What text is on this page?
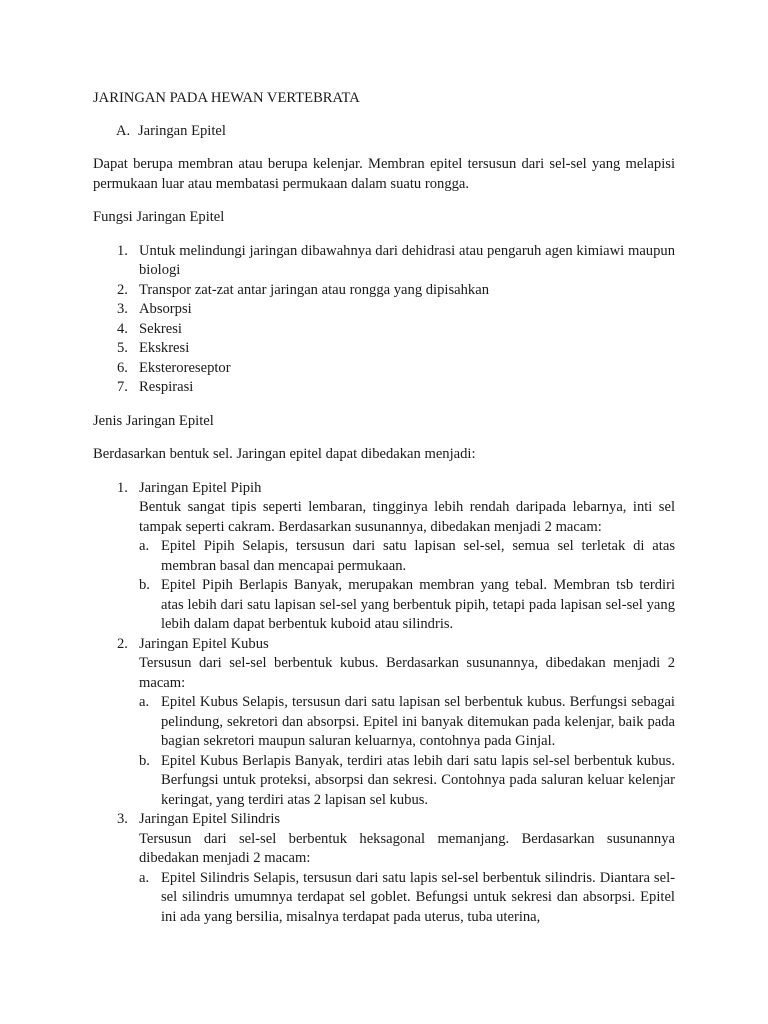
JARINGAN PADA HEWAN VERTEBRATA

A. Jaringan Epitel

Dapat berupa membran atau berupa kelenjar. Membran epitel tersusun dari sel-sel yang melapisi permukaan luar atau membatasi permukaan dalam suatu rongga.

Fungsi Jaringan Epitel

1. Untuk melindungi jaringan dibawahnya dari dehidrasi atau pengaruh agen kimiawi maupun biologi
2. Transpor zat-zat antar jaringan atau rongga yang dipisahkan
3. Absorpsi
4. Sekresi
5. Ekskresi
6. Eksteroreseptor
7. Respirasi

Jenis Jaringan Epitel

Berdasarkan bentuk sel. Jaringan epitel dapat dibedakan menjadi:

1. Jaringan Epitel Pipih

Bentuk sangat tipis seperti lembaran, tingginya lebih rendah daripada lebarnya, inti sel tampak seperti cakram. Berdasarkan susunannya, dibedakan menjadi 2 macam:

a. Epitel Pipih Selapis, tersusun dari satu lapisan sel-sel, semua sel terletak di atas membran basal dan mencapai permukaan.
b. Epitel Pipih Berlapis Banyak, merupakan membran yang tebal. Membran tsb terdiri atas lebih dari satu lapisan sel-sel yang berbentuk pipih, tetapi pada lapisan sel-sel yang lebih dalam dapat berbentuk kuboid atau silindris.
2. Jaringan Epitel Kubus

Tersusun dari sel-sel berbentuk kubus. Berdasarkan susunannya, dibedakan menjadi 2 macam:

a. Epitel Kubus Selapis, tersusun dari satu lapisan sel berbentuk kubus. Berfungsi sebagai pelindung, sekretori dan absorpsi. Epitel ini banyak ditemukan pada kelenjar, baik pada bagian sekretori maupun saluran keluarnya, contohnya pada Ginjal.
b. Epitel Kubus Berlapis Banyak, terdiri atas lebih dari satu lapis sel-sel berbentuk kubus. Berfungsi untuk proteksi, absorpsi dan sekresi. Contohnya pada saluran keluar kelenjar keringat, yang terdiri atas 2 lapisan sel kubus.
3. Jaringan Epitel Silindris

Tersusun dari sel-sel berbentuk heksagonal memanjang. Berdasarkan susunannya dibedakan menjadi 2 macam:

a. Epitel Silindris Selapis, tersusun dari satu lapis sel-sel berbentuk silindris. Diantara sel-sel silindris umumnya terdapat sel goblet. Befungsi untuk sekresi dan absorpsi. Epitel ini ada yang bersilia, misalnya terdapat pada uterus, tuba uterina,
